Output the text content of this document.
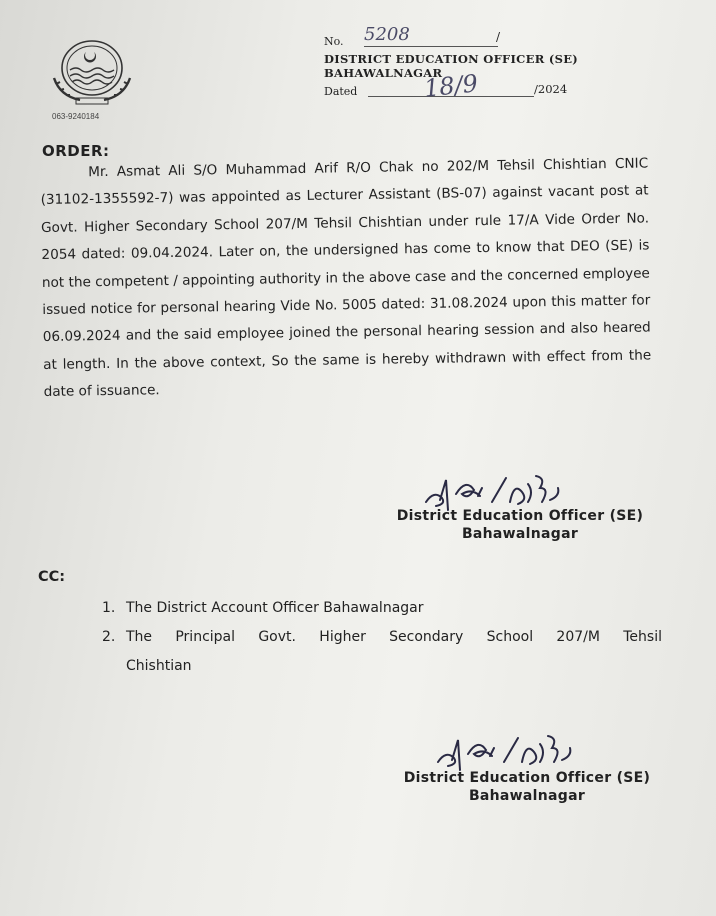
063-9240184
No. 5208	/
DISTRICT EDUCATION OFFICER (SE)
BAHAWALNAGAR
Dated	18/9	/2024
ORDER:
Mr. Asmat Ali S/O Muhammad Arif R/O Chak no 202/M Tehsil Chishtian CNIC (31102-1355592-7) was appointed as Lecturer Assistant (BS-07) against vacant post at Govt. Higher Secondary School 207/M Tehsil Chishtian under rule 17/A Vide Order No. 2054 dated: 09.04.2024. Later on, the undersigned has come to know that DEO (SE) is not the competent / appointing authority in the above case and the concerned employee issued notice for personal hearing Vide No. 5005 dated: 31.08.2024 upon this matter for 06.09.2024 and the said employee joined the personal hearing session and also heared at length. In the above context, So the same is hereby withdrawn with effect from the date of issuance.
District Education Officer (SE)
Bahawalnagar
CC:
1. The District Account Officer Bahawalnagar
2. The Principal Govt. Higher Secondary School 207/M Tehsil Chishtian
District Education Officer (SE)
Bahawalnagar
